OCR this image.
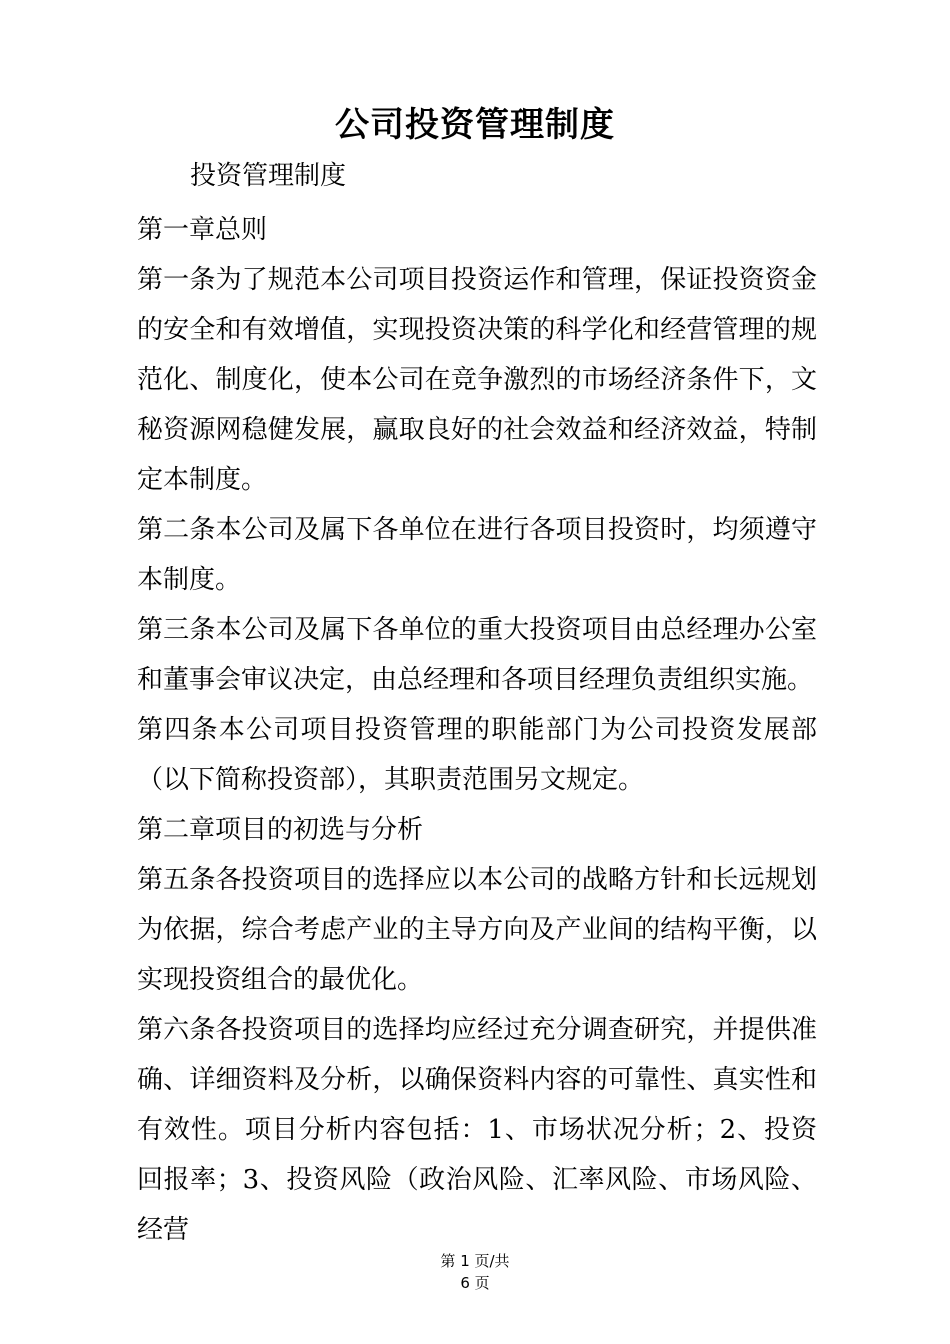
公司投资管理制度
投资管理制度

第一章总则

第一条为了规范本公司项目投资运作和管理，保证投资资金的安全和有效增值，实现投资决策的科学化和经营管理的规范化、制度化，使本公司在竞争激烈的市场经济条件下，文秘资源网稳健发展，赢取良好的社会效益和经济效益，特制定本制度。

第二条本公司及属下各单位在进行各项目投资时，均须遵守本制度。

第三条本公司及属下各单位的重大投资项目由总经理办公室和董事会审议决定，由总经理和各项目经理负责组织实施。

第四条本公司项目投资管理的职能部门为公司投资发展部（以下简称投资部），其职责范围另文规定。

第二章项目的初选与分析

第五条各投资项目的选择应以本公司的战略方针和长远规划为依据，综合考虑产业的主导方向及产业间的结构平衡，以实现投资组合的最优化。

第六条各投资项目的选择均应经过充分调查研究，并提供准确、详细资料及分析，以确保资料内容的可靠性、真实性和有效性。项目分析内容包括：1、市场状况分析；2、投资回报率；3、投资风险（政治风险、汇率风险、市场风险、经营

第 1 页/共
6 页
